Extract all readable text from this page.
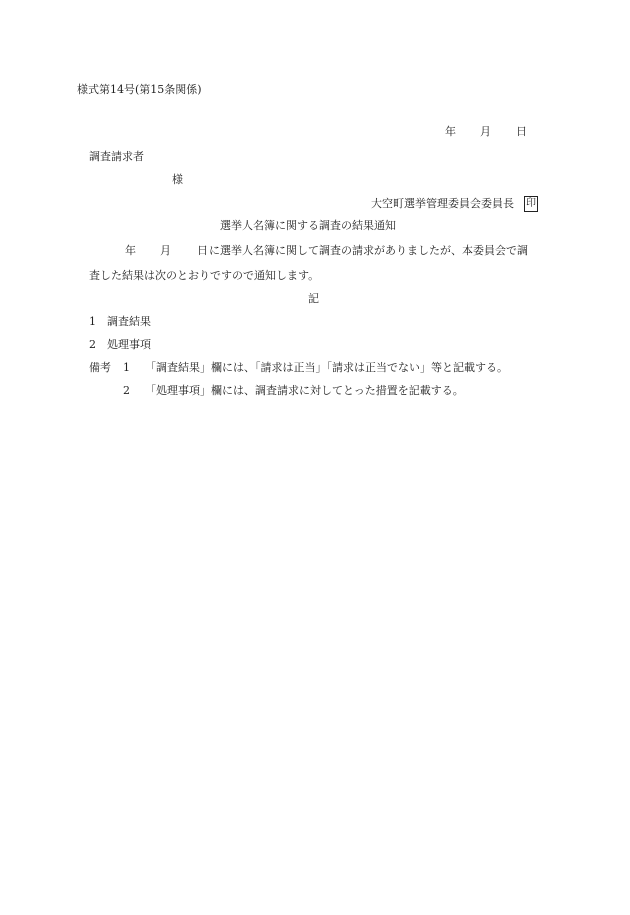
様式第14号(第15条関係)
年 月 日
調査請求者
様
大空町選挙管理委員会委員長 印
選挙人名簿に関する調査の結果通知
年 月 日 に選挙人名簿に関して調査の請求がありましたが、本委員会で調
査した結果は次のとおりですので通知します。
記
1 調査結果
2 処理事項
備考 1 「調査結果」欄には、「請求は正当」「請求は正当でない」等と記載する。
2 「処理事項」欄には、調査請求に対してとった措置を記載する。
